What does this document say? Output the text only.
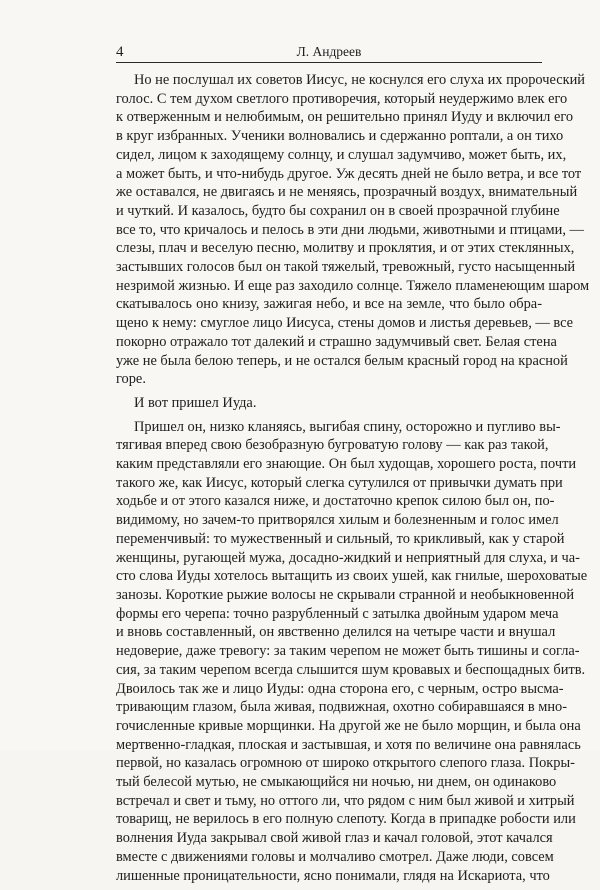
4	Л. Андреев

Но не послушал их советов Иисус, не коснулся его слуха их пророческий
голос. С тем духом светлого противоречия, который неудержимо влек его
к отверженным и нелюбимым, он решительно принял Иуду и включил его
в круг избранных. Ученики волновались и сдержанно роптали, а он тихо
сидел, лицом к заходящему солнцу, и слушал задумчиво, может быть, их,
а может быть, и что-нибудь другое. Уж десять дней не было ветра, и все тот
же оставался, не двигаясь и не меняясь, прозрачный воздух, внимательный
и чуткий. И казалось, будто бы сохранил он в своей прозрачной глубине
все то, что кричалось и пелось в эти дни людьми, животными и птицами, —
слезы, плач и веселую песню, молитву и проклятия, и от этих стеклянных,
застывших голосов был он такой тяжелый, тревожный, густо насыщенный
незримой жизнью. И еще раз заходило солнце. Тяжело пламенеющим шаром
скатывалось оно книзу, зажигая небо, и все на земле, что было обра-
щено к нему: смуглое лицо Иисуса, стены домов и листья деревьев, — все
покорно отражало тот далекий и страшно задумчивый свет. Белая стена
уже не была белою теперь, и не остался белым красный город на красной
горе.

И вот пришел Иуда.

Пришел он, низко кланяясь, выгибая спину, осторожно и пугливо вы-
тягивая вперед свою безобразную бугроватую голову — как раз такой,
каким представляли его знающие. Он был худощав, хорошего роста, почти
такого же, как Иисус, который слегка сутулился от привычки думать при
ходьбе и от этого казался ниже, и достаточно крепок силою был он, по-
видимому, но зачем-то притворялся хилым и болезненным и голос имел
переменчивый: то мужественный и сильный, то крикливый, как у старой
женщины, ругающей мужа, досадно-жидкий и неприятный для слуха, и ча-
сто слова Иуды хотелось вытащить из своих ушей, как гнилые, шероховатые
занозы. Короткие рыжие волосы не скрывали странной и необыкновенной
формы его черепа: точно разрубленный с затылка двойным ударом меча
и вновь составленный, он явственно делился на четыре части и внушал
недоверие, даже тревогу: за таким черепом не может быть тишины и согла-
сия, за таким черепом всегда слышится шум кровавых и беспощадных битв.
Двоилось так же и лицо Иуды: одна сторона его, с черным, остро высма-
тривающим глазом, была живая, подвижная, охотно собиравшаяся в мно-
гочисленные кривые морщинки. На другой же не было морщин, и была она
мертвенно-гладкая, плоская и застывшая, и хотя по величине она равнялась
первой, но казалась огромною от широко открытого слепого глаза. Покры-
тый белесой мутью, не смыкающийся ни ночью, ни днем, он одинаково
встречал и свет и тьму, но оттого ли, что рядом с ним был живой и хитрый
товарищ, не верилось в его полную слепоту. Когда в припадке робости или
волнения Иуда закрывал свой живой глаз и качал головой, этот качался
вместе с движениями головы и молчаливо смотрел. Даже люди, совсем
лишенные проницательности, ясно понимали, глядя на Искариота, что
